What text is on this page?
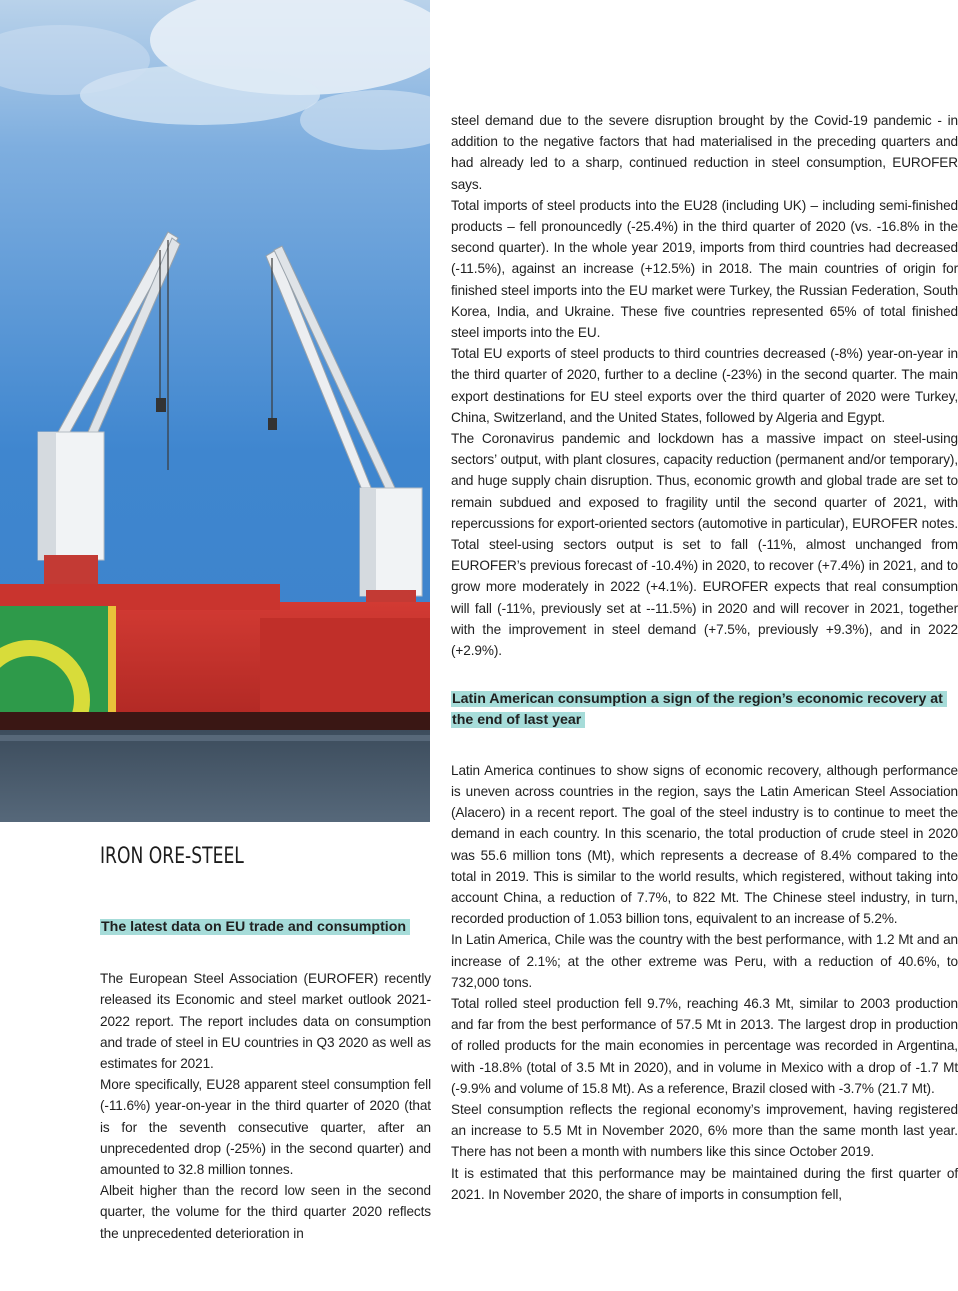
IRON ORE-STEEL
The latest data on EU trade and consumption

The European Steel Association (EUROFER) recently released its Economic and steel market outlook 2021-2022 report. The report includes data on consumption and trade of steel in EU countries in Q3 2020 as well as estimates for 2021.

More specifically, EU28 apparent steel consumption fell (-11.6%) year-on-year in the third quarter of 2020 (that is for the seventh consecutive quarter, after an unprecedented drop (-25%) in the second quarter) and amounted to 32.8 million tonnes.

Albeit higher than the record low seen in the second quarter, the volume for the third quarter 2020 reflects the unprecedented deterioration in

steel demand due to the severe disruption brought by the Covid-19 pandemic - in addition to the negative factors that had materialised in the preceding quarters and had already led to a sharp, continued reduction in steel consumption, EUROFER says.

Total imports of steel products into the EU28 (including UK) – including semi-finished products – fell pronouncedly (-25.4%) in the third quarter of 2020 (vs. -16.8% in the second quarter). In the whole year 2019, imports from third countries had decreased (-11.5%), against an increase (+12.5%) in 2018. The main countries of origin for finished steel imports into the EU market were Turkey, the Russian Federation, South Korea, India, and Ukraine. These five countries represented 65% of total finished steel imports into the EU.

Total EU exports of steel products to third countries decreased (-8%) year-on-year in the third quarter of 2020, further to a decline (-23%) in the second quarter. The main export destinations for EU steel exports over the third quarter of 2020 were Turkey, China, Switzerland, and the United States, followed by Algeria and Egypt.

The Coronavirus pandemic and lockdown has a massive impact on steel-using sectors’ output, with plant closures, capacity reduction (permanent and/or temporary), and huge supply chain disruption. Thus, economic growth and global trade are set to remain subdued and exposed to fragility until the second quarter of 2021, with repercussions for export-oriented sectors (automotive in particular), EUROFER notes. Total steel-using sectors output is set to fall (-11%, almost unchanged from EUROFER’s previous forecast of -10.4%) in 2020, to recover (+7.4%) in 2021, and to grow more moderately in 2022 (+4.1%). EUROFER expects that real consumption will fall (-11%, previously set at --11.5%) in 2020 and will recover in 2021, together with the improvement in steel demand (+7.5%, previously +9.3%), and in 2022 (+2.9%).

Latin American consumption a sign of the region’s economic recovery at the end of last year

Latin America continues to show signs of economic recovery, although performance is uneven across countries in the region, says the Latin American Steel Association (Alacero) in a recent report. The goal of the steel industry is to continue to meet the demand in each country. In this scenario, the total production of crude steel in 2020 was 55.6 million tons (Mt), which represents a decrease of 8.4% compared to the total in 2019. This is similar to the world results, which registered, without taking into account China, a reduction of 7.7%, to 822 Mt. The Chinese steel industry, in turn, recorded production of 1.053 billion tons, equivalent to an increase of 5.2%.

In Latin America, Chile was the country with the best performance, with 1.2 Mt and an increase of 2.1%; at the other extreme was Peru, with a reduction of 40.6%, to 732,000 tons.

Total rolled steel production fell 9.7%, reaching 46.3 Mt, similar to 2003 production and far from the best performance of 57.5 Mt in 2013. The largest drop in production of rolled products for the main economies in percentage was recorded in Argentina, with -18.8% (total of 3.5 Mt in 2020), and in volume in Mexico with a drop of -1.7 Mt (-9.9% and volume of 15.8 Mt). As a reference, Brazil closed with -3.7% (21.7 Mt).

Steel consumption reflects the regional economy’s improvement, having registered an increase to 5.5 Mt in November 2020, 6% more than the same month last year. There has not been a month with numbers like this since October 2019.

It is estimated that this performance may be maintained during the first quarter of 2021. In November 2020, the share of imports in consumption fell,
